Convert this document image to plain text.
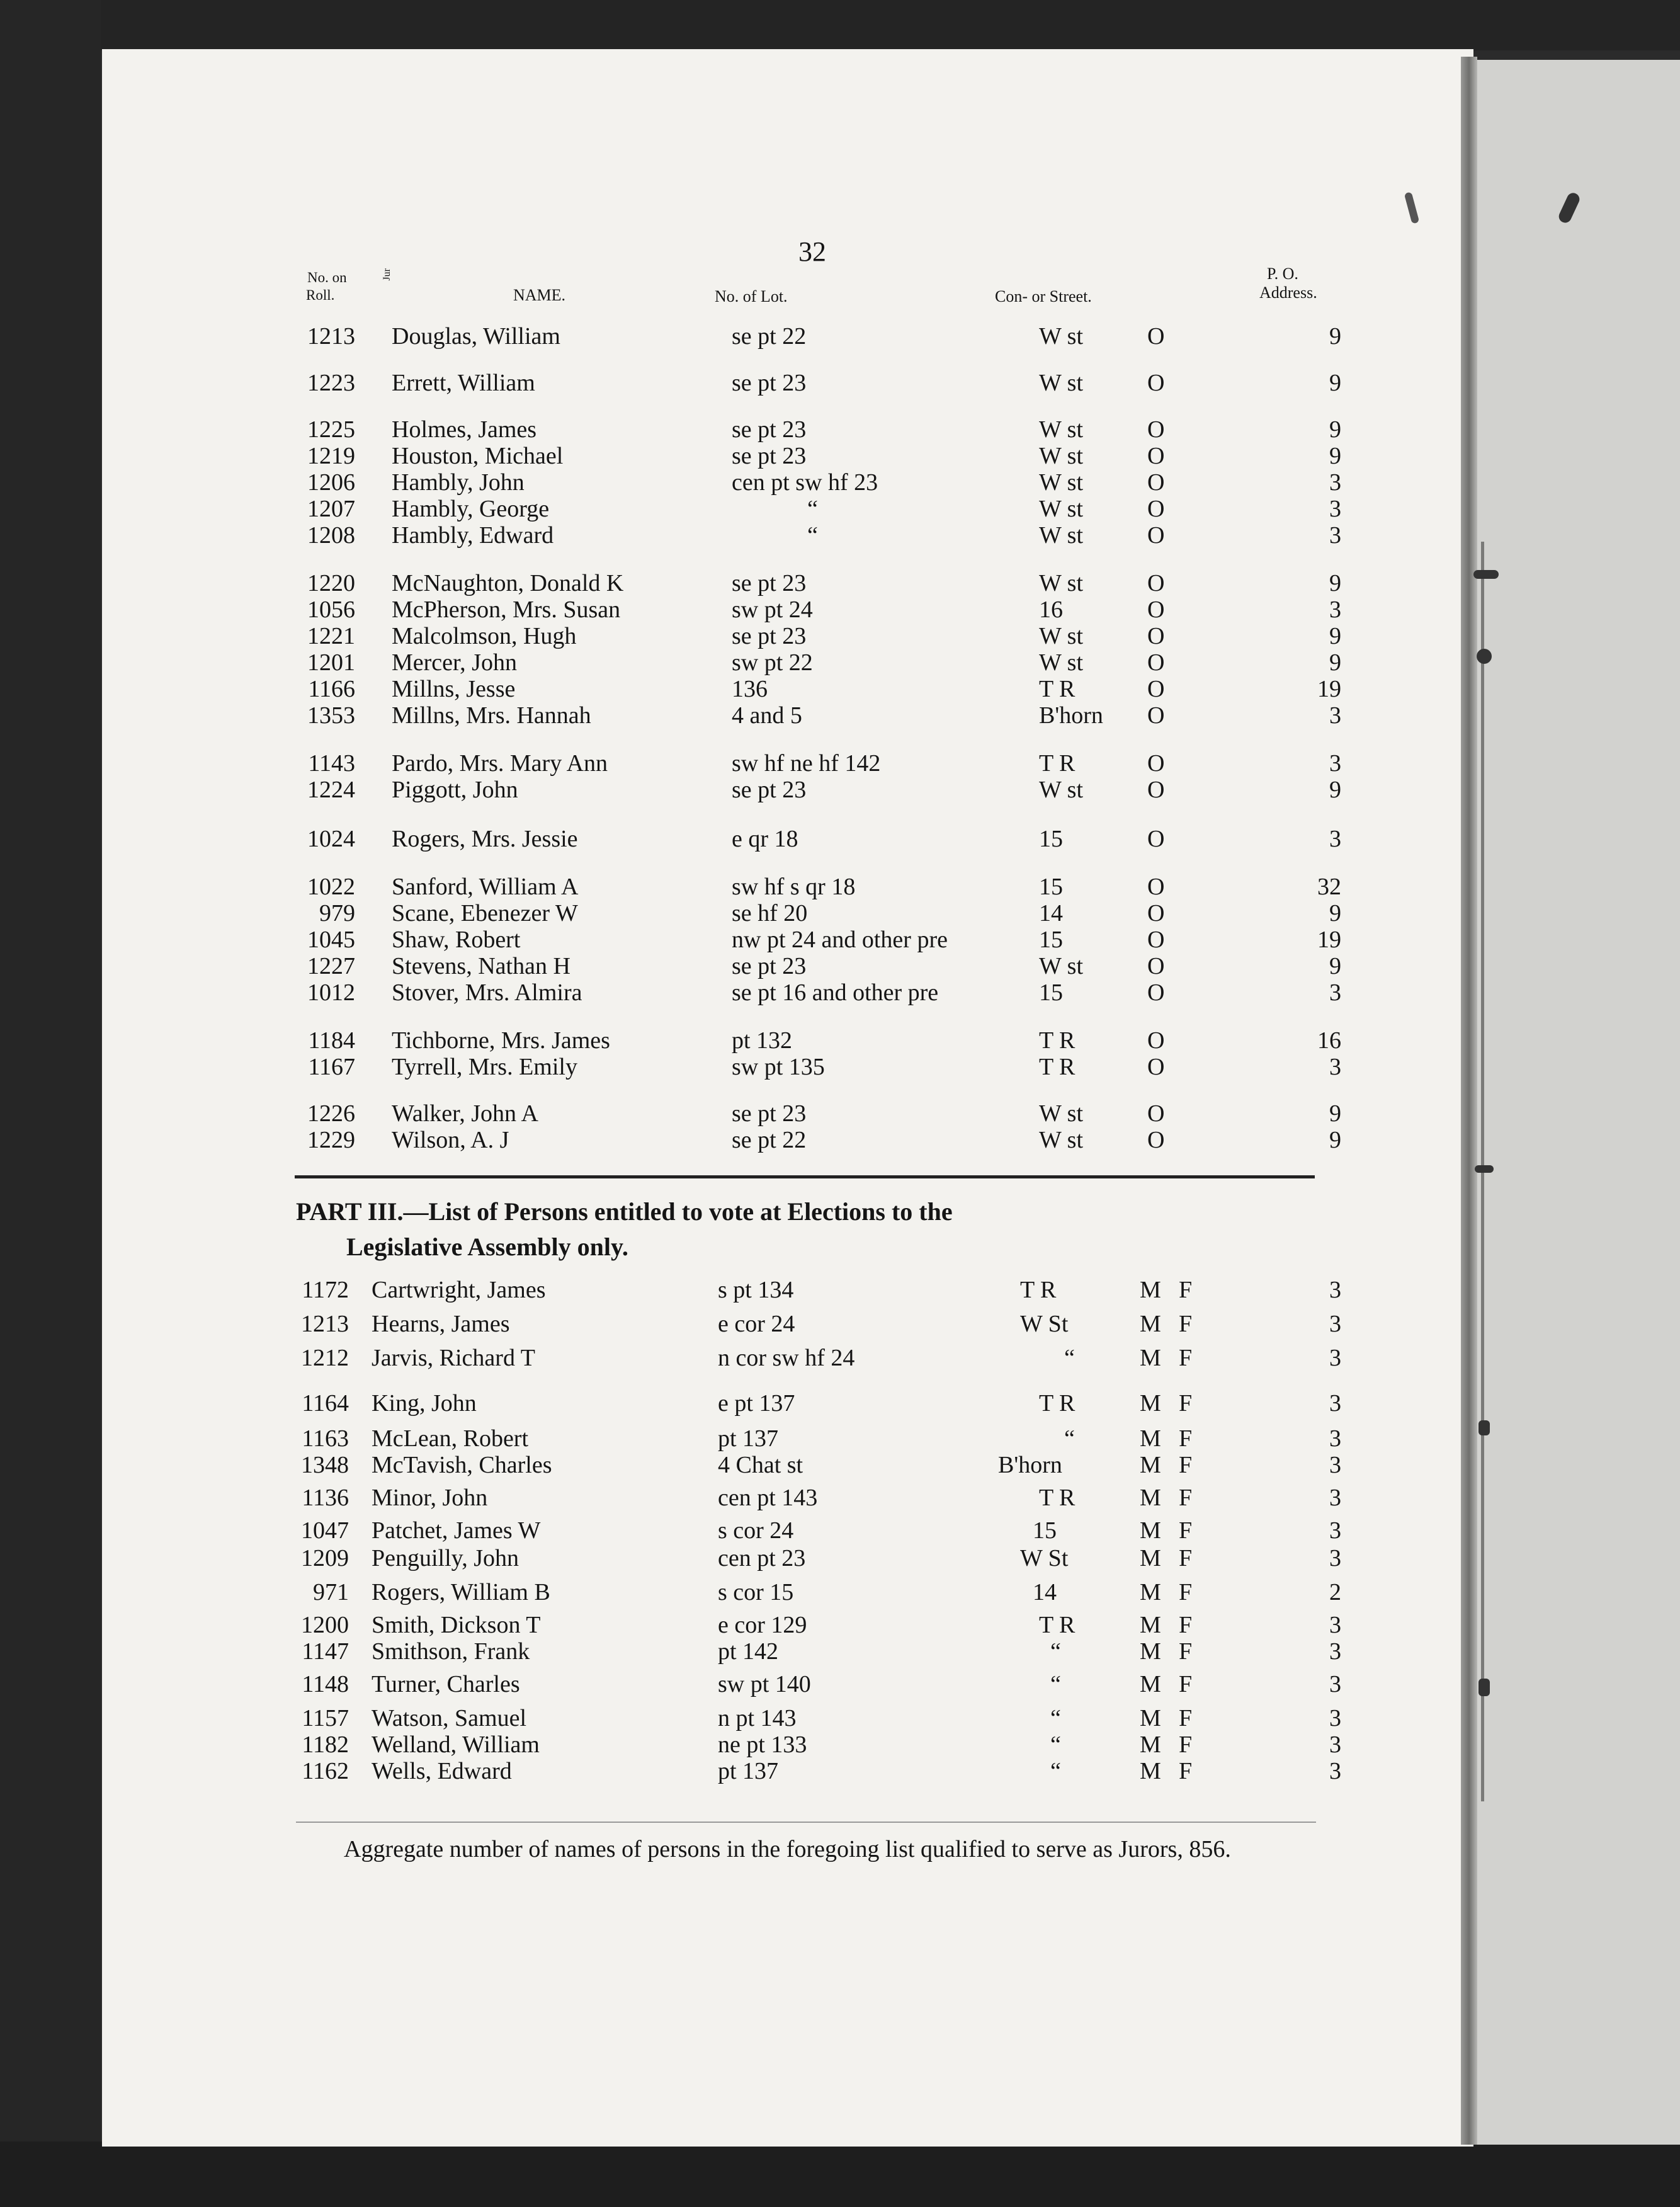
32
No. on
Roll.
Jur
NAME.	No. of Lot.	Con- or Street.
P. O.
Address.
1213 Douglas, William	se pt 22	W st	O	9
1223 Errett, William	se pt 23	W st	O	9
1225 Holmes, James	se pt 23	W st	O	9
1219 Houston, Michael	se pt 23	W st	O	9
1206 Hambly, John	cen pt sw hf 23	W st	O	3
1207 Hambly, George	“	W st	O	3
1208 Hambly, Edward	“	W st	O	3
1220 McNaughton, Donald K	se pt 23	W st	O	9
1056 McPherson, Mrs. Susan	sw pt 24	16	O	3
1221 Malcolmson, Hugh	se pt 23	W st	O	9
1201 Mercer, John	sw pt 22	W st	O	9
1166 Millns, Jesse	136	T R	O	19
1353 Millns, Mrs. Hannah	4 and 5	B'horn O	3
1143 Pardo, Mrs. Mary Ann	sw hf ne hf 142	T R	O	3
1224 Piggott, John	se pt 23	W st	O	9
1024 Rogers, Mrs. Jessie	e qr 18	15	O	3
1022 Sanford, William A	sw hf s qr 18	15	O	32
979 Scane, Ebenezer W	se hf 20	14	O	9
1045 Shaw, Robert	nw pt 24 and other pre	15	O	19
1227 Stevens, Nathan H	se pt 23	W st	O	9
1012 Stover, Mrs. Almira	se pt 16 and other pre	15	O	3
1184 Tichborne, Mrs. James	pt 132	T R	O	16
1167 Tyrrell, Mrs. Emily	sw pt 135	T R	O	3
1226 Walker, John A	se pt 23	W st	O	9
1229 Wilson, A. J	se pt 22	W st	O	9
PART III.—List of Persons entitled to vote at Elections to the
Legislative Assembly only.
1172 Cartwright, James	s pt 134	T R	M F	3
1213 Hearns, James	e cor 24	W St	M F	3
1212 Jarvis, Richard T	n cor sw hf 24	“	M F	3
1164 King, John	e pt 137	T R	M F	3
1163 McLean, Robert	pt 137	“	M F	3
1348 McTavish, Charles	4 Chat st	B'horn	M F	3
1136 Minor, John	cen pt 143	T R	M F	3
1047 Patchet, James W	s cor 24	15	M F	3
1209 Penguilly, John	cen pt 23	W St	M F	3
971 Rogers, William B	s cor 15	14	M F	2
1200 Smith, Dickson T	e cor 129	T R	M F	3
1147 Smithson, Frank	pt 142	“	M F	3
1148 Turner, Charles	sw pt 140	“	M F	3
1157 Watson, Samuel	n pt 143	“	M F	3
1182 Welland, William	ne pt 133	“	M F	3
1162 Wells, Edward	pt 137	“	M F	3
Aggregate number of names of persons in the foregoing list qualified to serve as Jurors, 856.
